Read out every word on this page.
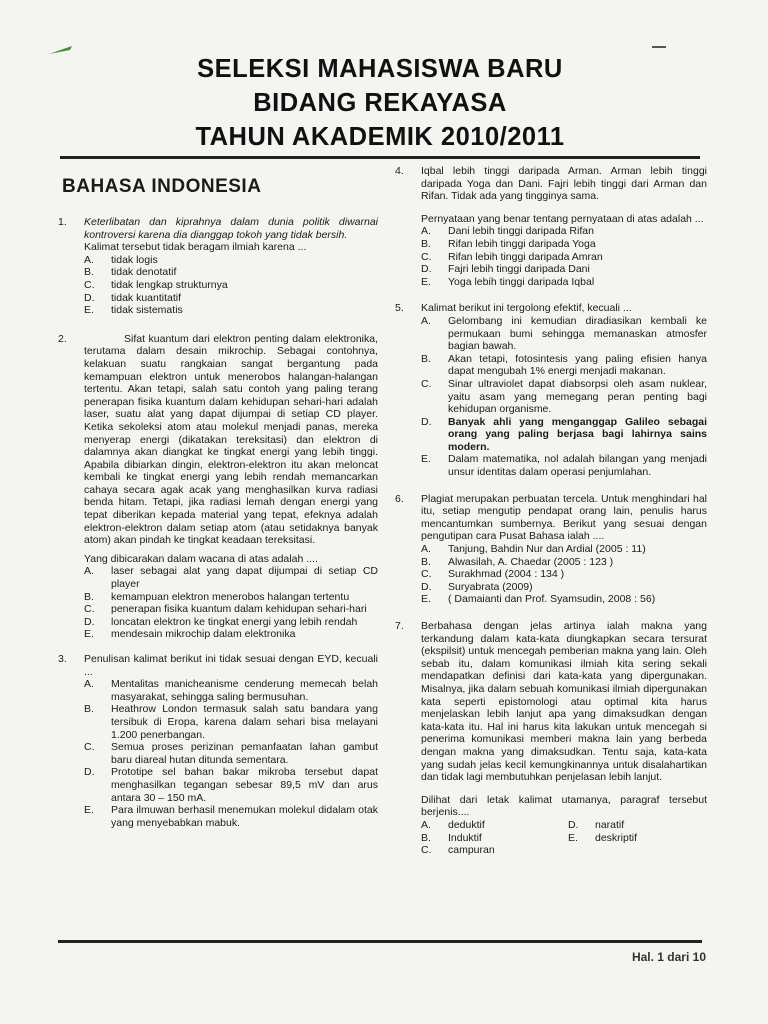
SELEKSI MAHASISWA BARU
BIDANG REKAYASA
TAHUN AKADEMIK 2010/2011
BAHASA INDONESIA
1.	Keterlibatan dan kiprahnya dalam dunia politik diwarnai kontroversi karena dia dianggap tokoh yang tidak bersih.

Kalimat tersebut tidak beragam ilmiah karena ...

A.	tidak logis
B.	tidak denotatif
C.	tidak lengkap strukturnya
D.	tidak kuantitatif
E.	tidak sistematis
2.	Sifat kuantum dari elektron penting dalam elektronika, terutama dalam desain mikrochip. Sebagai contohnya, kelakuan suatu rangkaian sangat bergantung pada kemampuan elektron untuk menerobos halangan-halangan tertentu. Akan tetapi, salah satu contoh yang paling terang penerapan fisika kuantum dalam kehidupan sehari-hari adalah laser, suatu alat yang dapat dijumpai di setiap CD player. Ketika sekoleksi atom atau molekul menjadi panas, mereka menyerap energi (dikatakan tereksitasi) dan elektron di dalamnya akan diangkat ke tingkat energi yang lebih tinggi. Apabila dibiarkan dingin, elektron-elektron itu akan meloncat kembali ke tingkat energi yang lebih rendah memancarkan cahaya secara agak acak yang menghasilkan kurva radiasi benda hitam. Tetapi, jika radiasi lemah dengan energi yang tepat diberikan kepada material yang tepat, efeknya adalah elektron-elektron dalam setiap atom (atau setidaknya banyak atom) akan pindah ke tingkat keadaan tereksitasi.

Yang dibicarakan dalam wacana di atas adalah ....

A.	laser sebagai alat yang dapat dijumpai di setiap CD player
B.	kemampuan elektron menerobos halangan tertentu
C.	penerapan fisika kuantum dalam kehidupan sehari-hari
D.	loncatan elektron ke tingkat energi yang lebih rendah
E.	mendesain mikrochip dalam elektronika
3.	Penulisan kalimat berikut ini tidak sesuai dengan EYD, kecuali ...

A.	Mentalitas manicheanisme cenderung memecah belah masyarakat, sehingga saling bermusuhan.
B.	Heathrow London termasuk salah satu bandara yang tersibuk di Eropa, karena dalam sehari bisa melayani 1.200 penerbangan.
C.	Semua proses perizinan pemanfaatan lahan gambut baru diareal hutan ditunda sementara.
D.	Prototipe sel bahan bakar mikroba tersebut dapat menghasilkan tegangan sebesar 89,5 mV dan arus antara 30 – 150 mA.
E.	Para ilmuwan berhasil menemukan molekul didalam otak yang menyebabkan mabuk.
4.	Iqbal lebih tinggi daripada Arman. Arman lebih tinggi daripada Yoga dan Dani. Fajri lebih tinggi dari Arman dan Rifan. Tidak ada yang tingginya sama.

Pernyataan yang benar tentang pernyataan di atas adalah ...

A.	Dani lebih tinggi daripada Rifan
B.	Rifan lebih tinggi daripada Yoga
C.	Rifan lebih tinggi daripada Amran
D.	Fajri lebih tinggi daripada Dani
E.	Yoga lebih tinggi daripada Iqbal
5.	Kalimat berikut ini tergolong efektif, kecuali ...

A.	Gelombang ini kemudian diradiasikan kembali ke permukaan bumi sehingga memanaskan atmosfer bagian bawah.
B.	Akan tetapi, fotosintesis yang paling efisien hanya dapat mengubah 1% energi menjadi makanan.
C.	Sinar ultraviolet dapat diabsorpsi oleh asam nuklear, yaitu asam yang memegang peran penting bagi kehidupan organisme.
D.	Banyak ahli yang menganggap Galileo sebagai orang yang paling berjasa bagi lahirnya sains modern.
E.	Dalam matematika, nol adalah bilangan yang menjadi unsur identitas dalam operasi penjumlahan.
6.	Plagiat merupakan perbuatan tercela. Untuk menghindari hal itu, setiap mengutip pendapat orang lain, penulis harus mencantumkan sumbernya. Berikut yang sesuai dengan pengutipan cara Pusat Bahasa ialah ....

A.	Tanjung, Bahdin Nur dan Ardial (2005 : 11)
B.	Alwasilah, A. Chaedar (2005 : 123 )
C.	Surakhmad (2004 : 134 )
D.	Suryabrata (2009)
E.	( Damaianti dan Prof. Syamsudin, 2008 : 56)
7.	Berbahasa dengan jelas artinya ialah makna yang terkandung dalam kata-kata diungkapkan secara tersurat (ekspilsit) untuk mencegah pemberian makna yang lain. Oleh sebab itu, dalam komunikasi ilmiah kita sering sekali mendapatkan definisi dari kata-kata yang dipergunakan. Misalnya, jika dalam sebuah komunikasi ilmiah dipergunakan kata seperti epistomologi atau optimal kita harus menjelaskan lebih lanjut apa yang dimaksudkan dengan kata-kata itu. Hal ini harus kita lakukan untuk mencegah si penerima komunikasi memberi makna lain yang berbeda dengan makna yang dimaksudkan. Tentu saja, kata-kata yang sudah jelas kecil kemungkinannya untuk disalahartikan dan tidak lagi membutuhkan penjelasan lebih lanjut.

Dilihat dari letak kalimat utamanya, paragraf tersebut berjenis....

A.	deduktif	D.	naratif
B.	Induktif	E.	deskriptif
C.	campuran
Hal. 1 dari 10
